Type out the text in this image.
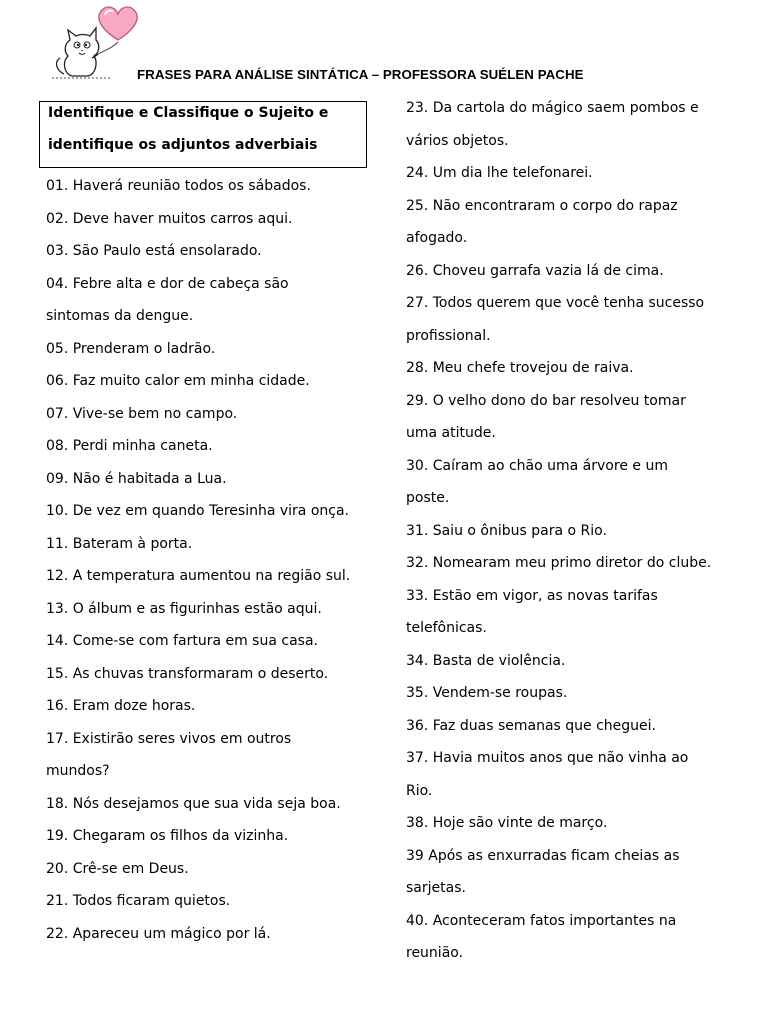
FRASES PARA ANÁLISE SINTÁTICA – PROFESSORA SUÉLEN PACHE
Identifique e Classifique o Sujeito e
identifique os adjuntos adverbiais
01. Haverá reunião todos os sábados.
02. Deve haver muitos carros aqui.
03. São Paulo está ensolarado.
04. Febre alta e dor de cabeça são
sintomas da dengue.
05. Prenderam o ladrão.
06. Faz muito calor em minha cidade.
07. Vive-se bem no campo.
08. Perdi minha caneta.
09. Não é habitada a Lua.
10. De vez em quando Teresinha vira onça.
11. Bateram à porta.
12. A temperatura aumentou na região sul.
13. O álbum e as figurinhas estão aqui.
14. Come-se com fartura em sua casa.
15. As chuvas transformaram o deserto.
16. Eram doze horas.
17. Existirão seres vivos em outros
mundos?
18. Nós desejamos que sua vida seja boa.
19. Chegaram os filhos da vizinha.
20. Crê-se em Deus.
21. Todos ficaram quietos.
22. Apareceu um mágico por lá.
23. Da cartola do mágico saem pombos e
vários objetos.
24. Um dia lhe telefonarei.
25. Não encontraram o corpo do rapaz
afogado.
26. Choveu garrafa vazia lá de cima.
27. Todos querem que você tenha sucesso
profissional.
28. Meu chefe trovejou de raiva.
29. O velho dono do bar resolveu tomar
uma atitude.
30. Caíram ao chão uma árvore e um
poste.
31. Saiu o ônibus para o Rio.
32. Nomearam meu primo diretor do clube.
33. Estão em vigor, as novas tarifas
telefônicas.
34. Basta de violência.
35. Vendem-se roupas.
36. Faz duas semanas que cheguei.
37. Havia muitos anos que não vinha ao
Rio.
38. Hoje são vinte de março.
39 Após as enxurradas ficam cheias as
sarjetas.
40. Aconteceram fatos importantes na
reunião.
